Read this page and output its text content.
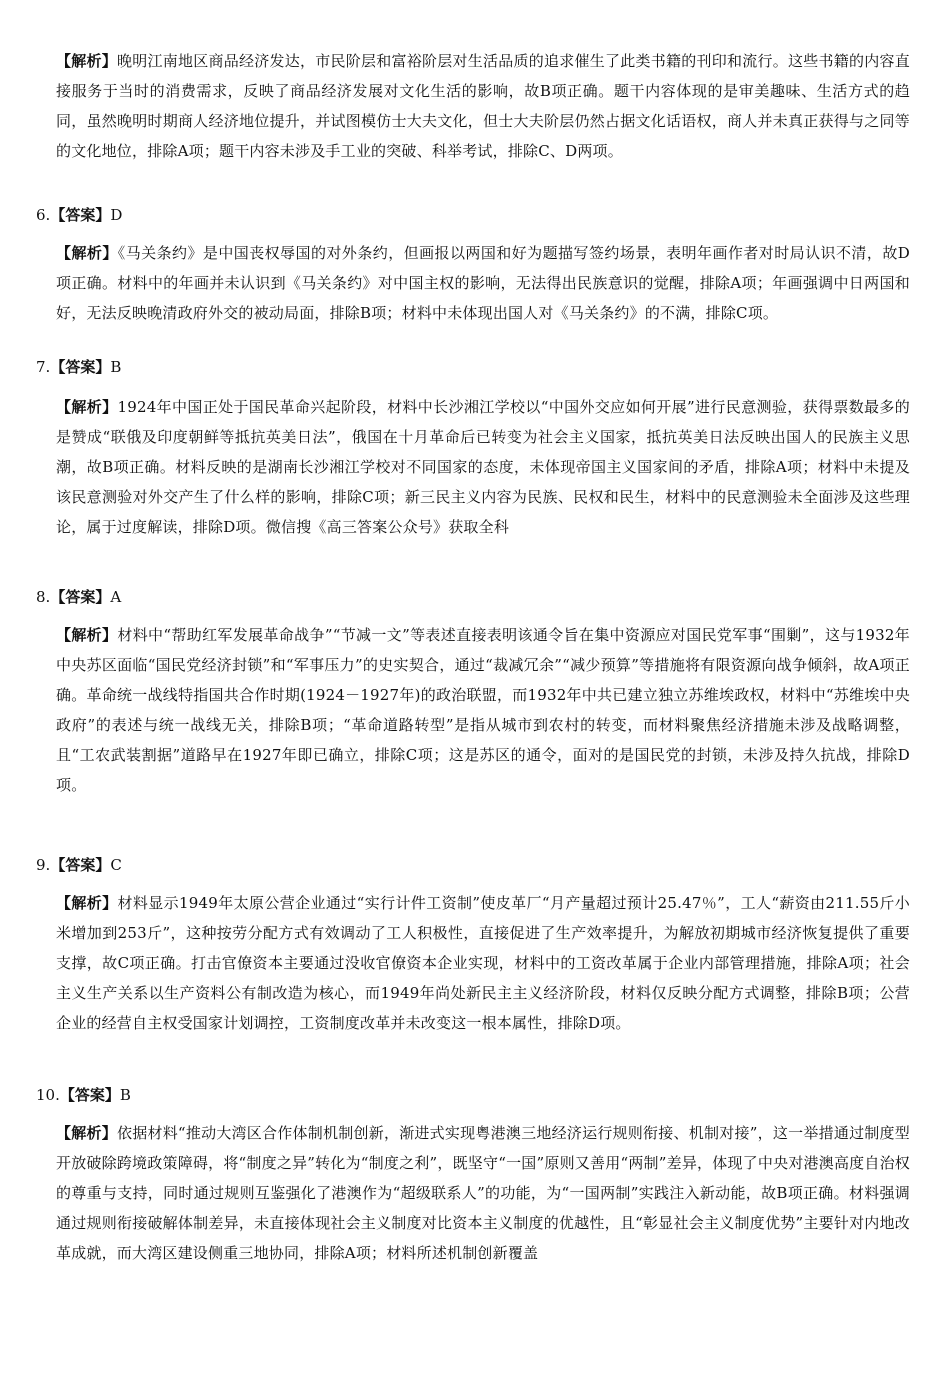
【解析】晚明江南地区商品经济发达，市民阶层和富裕阶层对生活品质的追求催生了此类书籍的刊印和流行。这些书籍的内容直接服务于当时的消费需求，反映了商品经济发展对文化生活的影响，故B项正确。题干内容体现的是审美趣味、生活方式的趋同，虽然晚明时期商人经济地位提升，并试图模仿士大夫文化，但士大夫阶层仍然占据文化话语权，商人并未真正获得与之同等的文化地位，排除A项；题干内容未涉及手工业的突破、科举考试，排除C、D两项。
6.【答案】D
【解析】《马关条约》是中国丧权辱国的对外条约，但画报以两国和好为题描写签约场景，表明年画作者对时局认识不清，故D项正确。材料中的年画并未认识到《马关条约》对中国主权的影响，无法得出民族意识的觉醒，排除A项；年画强调中日两国和好，无法反映晚清政府外交的被动局面，排除B项；材料中未体现出国人对《马关条约》的不满，排除C项。
7.【答案】B
【解析】1924年中国正处于国民革命兴起阶段，材料中长沙湘江学校以“中国外交应如何开展”进行民意测验，获得票数最多的是赞成“联俄及印度朝鲜等抵抗英美日法”，俄国在十月革命后已转变为社会主义国家，抵抗英美日法反映出国人的民族主义思潮，故B项正确。材料反映的是湖南长沙湘江学校对不同国家的态度，未体现帝国主义国家间的矛盾，排除A项；材料中未提及该民意测验对外交产生了什么样的影响，排除C项；新三民主义内容为民族、民权和民生，材料中的民意测验未全面涉及这些理论，属于过度解读，排除D项。微信搜《高三答案公众号》获取全科
8.【答案】A
【解析】材料中“帮助红军发展革命战争”“节减一文”等表述直接表明该通令旨在集中资源应对国民党军事“围剿”，这与1932年中央苏区面临“国民党经济封锁”和“军事压力”的史实契合，通过“裁减冗余”“减少预算”等措施将有限资源向战争倾斜，故A项正确。革命统一战线特指国共合作时期(1924－1927年)的政治联盟，而1932年中共已建立独立苏维埃政权，材料中“苏维埃中央政府”的表述与统一战线无关，排除B项；“革命道路转型”是指从城市到农村的转变，而材料聚焦经济措施未涉及战略调整，且“工农武装割据”道路早在1927年即已确立，排除C项；这是苏区的通令，面对的是国民党的封锁，未涉及持久抗战，排除D项。
9.【答案】C
【解析】材料显示1949年太原公营企业通过“实行计件工资制”使皮革厂“月产量超过预计25.47％”，工人“薪资由211.55斤小米增加到253斤”，这种按劳分配方式有效调动了工人积极性，直接促进了生产效率提升，为解放初期城市经济恢复提供了重要支撑，故C项正确。打击官僚资本主要通过没收官僚资本企业实现，材料中的工资改革属于企业内部管理措施，排除A项；社会主义生产关系以生产资料公有制改造为核心，而1949年尚处新民主主义经济阶段，材料仅反映分配方式调整，排除B项；公营企业的经营自主权受国家计划调控，工资制度改革并未改变这一根本属性，排除D项。
10.【答案】B
【解析】依据材料“推动大湾区合作体制机制创新，渐进式实现粤港澳三地经济运行规则衔接、机制对接”，这一举措通过制度型开放破除跨境政策障碍，将“制度之异”转化为“制度之利”，既坚守“一国”原则又善用“两制”差异，体现了中央对港澳高度自治权的尊重与支持，同时通过规则互鉴强化了港澳作为“超级联系人”的功能，为“一国两制”实践注入新动能，故B项正确。材料强调通过规则衔接破解体制差异，未直接体现社会主义制度对比资本主义制度的优越性，且“彰显社会主义制度优势”主要针对内地改革成就，而大湾区建设侧重三地协同，排除A项；材料所述机制创新覆盖
